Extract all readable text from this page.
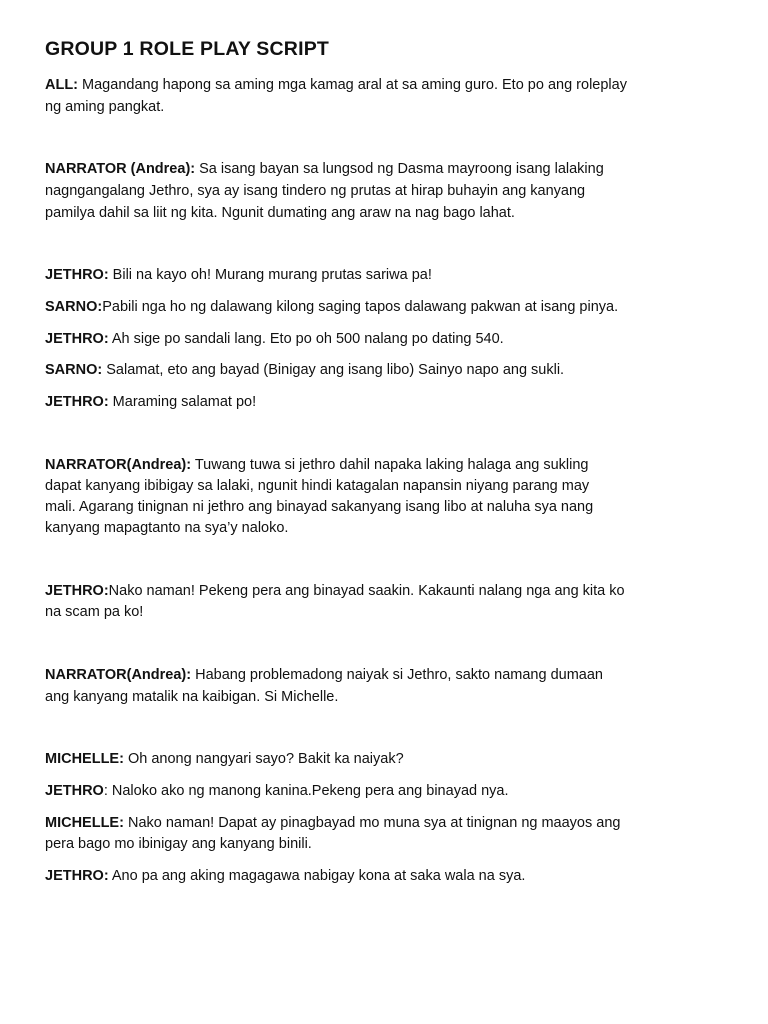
GROUP 1 ROLE PLAY SCRIPT
ALL: Magandang hapong sa aming mga kamag aral at sa aming guro. Eto po ang roleplay
ng aming pangkat.
NARRATOR (Andrea): Sa isang bayan sa lungsod ng Dasma mayroong isang lalaking
nagngangalang Jethro, sya ay isang tindero ng prutas at hirap buhayin ang kanyang
pamilya dahil sa liit ng kita. Ngunit dumating ang araw na nag bago lahat.
JETHRO: Bili na kayo oh! Murang murang prutas sariwa pa!
SARNO:Pabili nga ho ng dalawang kilong saging tapos dalawang pakwan at isang pinya.
JETHRO: Ah sige po sandali lang. Eto po oh 500 nalang po dating 540.
SARNO: Salamat, eto ang bayad (Binigay ang isang libo) Sainyo napo ang sukli.
JETHRO: Maraming salamat po!
NARRATOR(Andrea): Tuwang tuwa si jethro dahil napaka laking halaga ang sukling
dapat kanyang ibibigay sa lalaki, ngunit hindi katagalan napansin niyang parang may
mali. Agarang tinignan ni jethro ang binayad sakanyang isang libo at naluha sya nang
kanyang mapagtanto na sya’y naloko.
JETHRO:Nako naman! Pekeng pera ang binayad saakin. Kakaunti nalang nga ang kita ko
na scam pa ko!
NARRATOR(Andrea): Habang problemadong naiyak si Jethro, sakto namang dumaan
ang kanyang matalik na kaibigan. Si Michelle.
MICHELLE: Oh anong nangyari sayo? Bakit ka naiyak?
JETHRO: Naloko ako ng manong kanina.Pekeng pera ang binayad nya.
MICHELLE: Nako naman! Dapat ay pinagbayad mo muna sya at tinignan ng maayos ang
pera bago mo ibinigay ang kanyang binili.
JETHRO: Ano pa ang aking magagawa nabigay kona at saka wala na sya.
